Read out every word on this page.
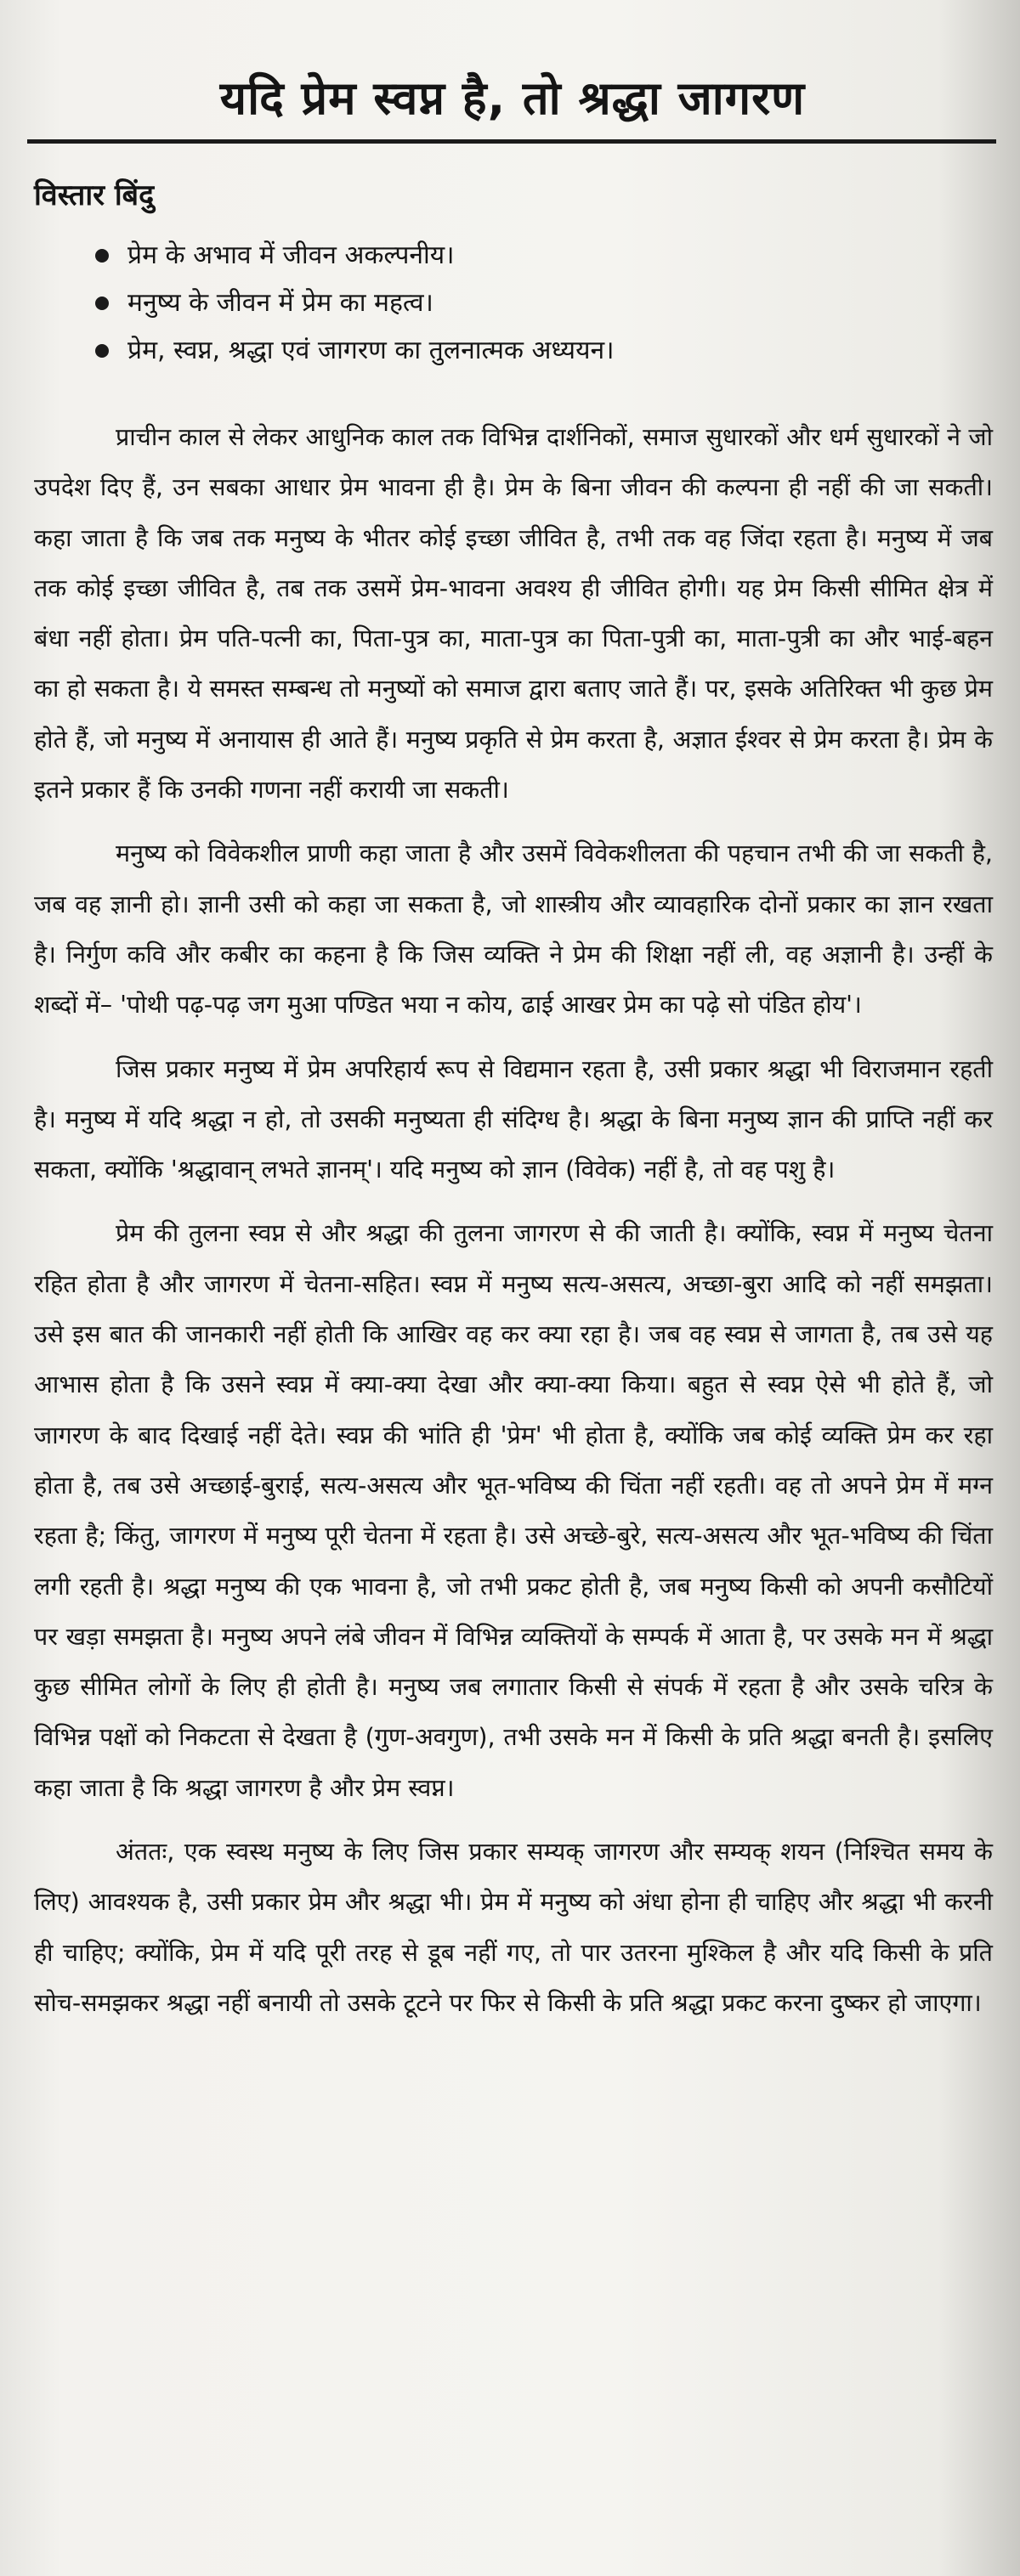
यदि प्रेम स्वप्न है, तो श्रद्धा जागरण
विस्तार बिंदु
प्रेम के अभाव में जीवन अकल्पनीय।
मनुष्य के जीवन में प्रेम का महत्व।
प्रेम, स्वप्न, श्रद्धा एवं जागरण का तुलनात्मक अध्ययन।

प्राचीन काल से लेकर आधुनिक काल तक विभिन्न दार्शनिकों, समाज सुधारकों और धर्म सुधारकों ने जो उपदेश दिए हैं, उन सबका आधार प्रेम भावना ही है। प्रेम के बिना जीवन की कल्पना ही नहीं की जा सकती। कहा जाता है कि जब तक मनुष्य के भीतर कोई इच्छा जीवित है, तभी तक वह जिंदा रहता है। मनुष्य में जब तक कोई इच्छा जीवित है, तब तक उसमें प्रेम-भावना अवश्य ही जीवित होगी। यह प्रेम किसी सीमित क्षेत्र में बंधा नहीं होता। प्रेम पति-पत्नी का, पिता-पुत्र का, माता-पुत्र का पिता-पुत्री का, माता-पुत्री का और भाई-बहन का हो सकता है। ये समस्त सम्बन्ध तो मनुष्यों को समाज द्वारा बताए जाते हैं। पर, इसके अतिरिक्त भी कुछ प्रेम होते हैं, जो मनुष्य में अनायास ही आते हैं। मनुष्य प्रकृति से प्रेम करता है, अज्ञात ईश्वर से प्रेम करता है। प्रेम के इतने प्रकार हैं कि उनकी गणना नहीं करायी जा सकती।

मनुष्य को विवेकशील प्राणी कहा जाता है और उसमें विवेकशीलता की पहचान तभी की जा सकती है, जब वह ज्ञानी हो। ज्ञानी उसी को कहा जा सकता है, जो शास्त्रीय और व्यावहारिक दोनों प्रकार का ज्ञान रखता है। निर्गुण कवि और कबीर का कहना है कि जिस व्यक्ति ने प्रेम की शिक्षा नहीं ली, वह अज्ञानी है। उन्हीं के शब्दों में– 'पोथी पढ़-पढ़ जग मुआ पण्डित भया न कोय, ढाई आखर प्रेम का पढ़े सो पंडित होय'।

जिस प्रकार मनुष्य में प्रेम अपरिहार्य रूप से विद्यमान रहता है, उसी प्रकार श्रद्धा भी विराजमान रहती है। मनुष्य में यदि श्रद्धा न हो, तो उसकी मनुष्यता ही संदिग्ध है। श्रद्धा के बिना मनुष्य ज्ञान की प्राप्ति नहीं कर सकता, क्योंकि 'श्रद्धावान् लभते ज्ञानम्'। यदि मनुष्य को ज्ञान (विवेक) नहीं है, तो वह पशु है।

प्रेम की तुलना स्वप्न से और श्रद्धा की तुलना जागरण से की जाती है। क्योंकि, स्वप्न में मनुष्य चेतना रहित होता है और जागरण में चेतना-सहित। स्वप्न में मनुष्य सत्य-असत्य, अच्छा-बुरा आदि को नहीं समझता। उसे इस बात की जानकारी नहीं होती कि आखिर वह कर क्या रहा है। जब वह स्वप्न से जागता है, तब उसे यह आभास होता है कि उसने स्वप्न में क्या-क्या देखा और क्या-क्या किया। बहुत से स्वप्न ऐसे भी होते हैं, जो जागरण के बाद दिखाई नहीं देते। स्वप्न की भांति ही 'प्रेम' भी होता है, क्योंकि जब कोई व्यक्ति प्रेम कर रहा होता है, तब उसे अच्छाई-बुराई, सत्य-असत्य और भूत-भविष्य की चिंता नहीं रहती। वह तो अपने प्रेम में मग्न रहता है; किंतु, जागरण में मनुष्य पूरी चेतना में रहता है। उसे अच्छे-बुरे, सत्य-असत्य और भूत-भविष्य की चिंता लगी रहती है। श्रद्धा मनुष्य की एक भावना है, जो तभी प्रकट होती है, जब मनुष्य किसी को अपनी कसौटियों पर खड़ा समझता है। मनुष्य अपने लंबे जीवन में विभिन्न व्यक्तियों के सम्पर्क में आता है, पर उसके मन में श्रद्धा कुछ सीमित लोगों के लिए ही होती है। मनुष्य जब लगातार किसी से संपर्क में रहता है और उसके चरित्र के विभिन्न पक्षों को निकटता से देखता है (गुण-अवगुण), तभी उसके मन में किसी के प्रति श्रद्धा बनती है। इसलिए कहा जाता है कि श्रद्धा जागरण है और प्रेम स्वप्न।

अंततः, एक स्वस्थ मनुष्य के लिए जिस प्रकार सम्यक् जागरण और सम्यक् शयन (निश्चित समय के लिए) आवश्यक है, उसी प्रकार प्रेम और श्रद्धा भी। प्रेम में मनुष्य को अंधा होना ही चाहिए और श्रद्धा भी करनी ही चाहिए; क्योंकि, प्रेम में यदि पूरी तरह से डूब नहीं गए, तो पार उतरना मुश्किल है और यदि किसी के प्रति सोच-समझकर श्रद्धा नहीं बनायी तो उसके टूटने पर फिर से किसी के प्रति श्रद्धा प्रकट करना दुष्कर हो जाएगा।
